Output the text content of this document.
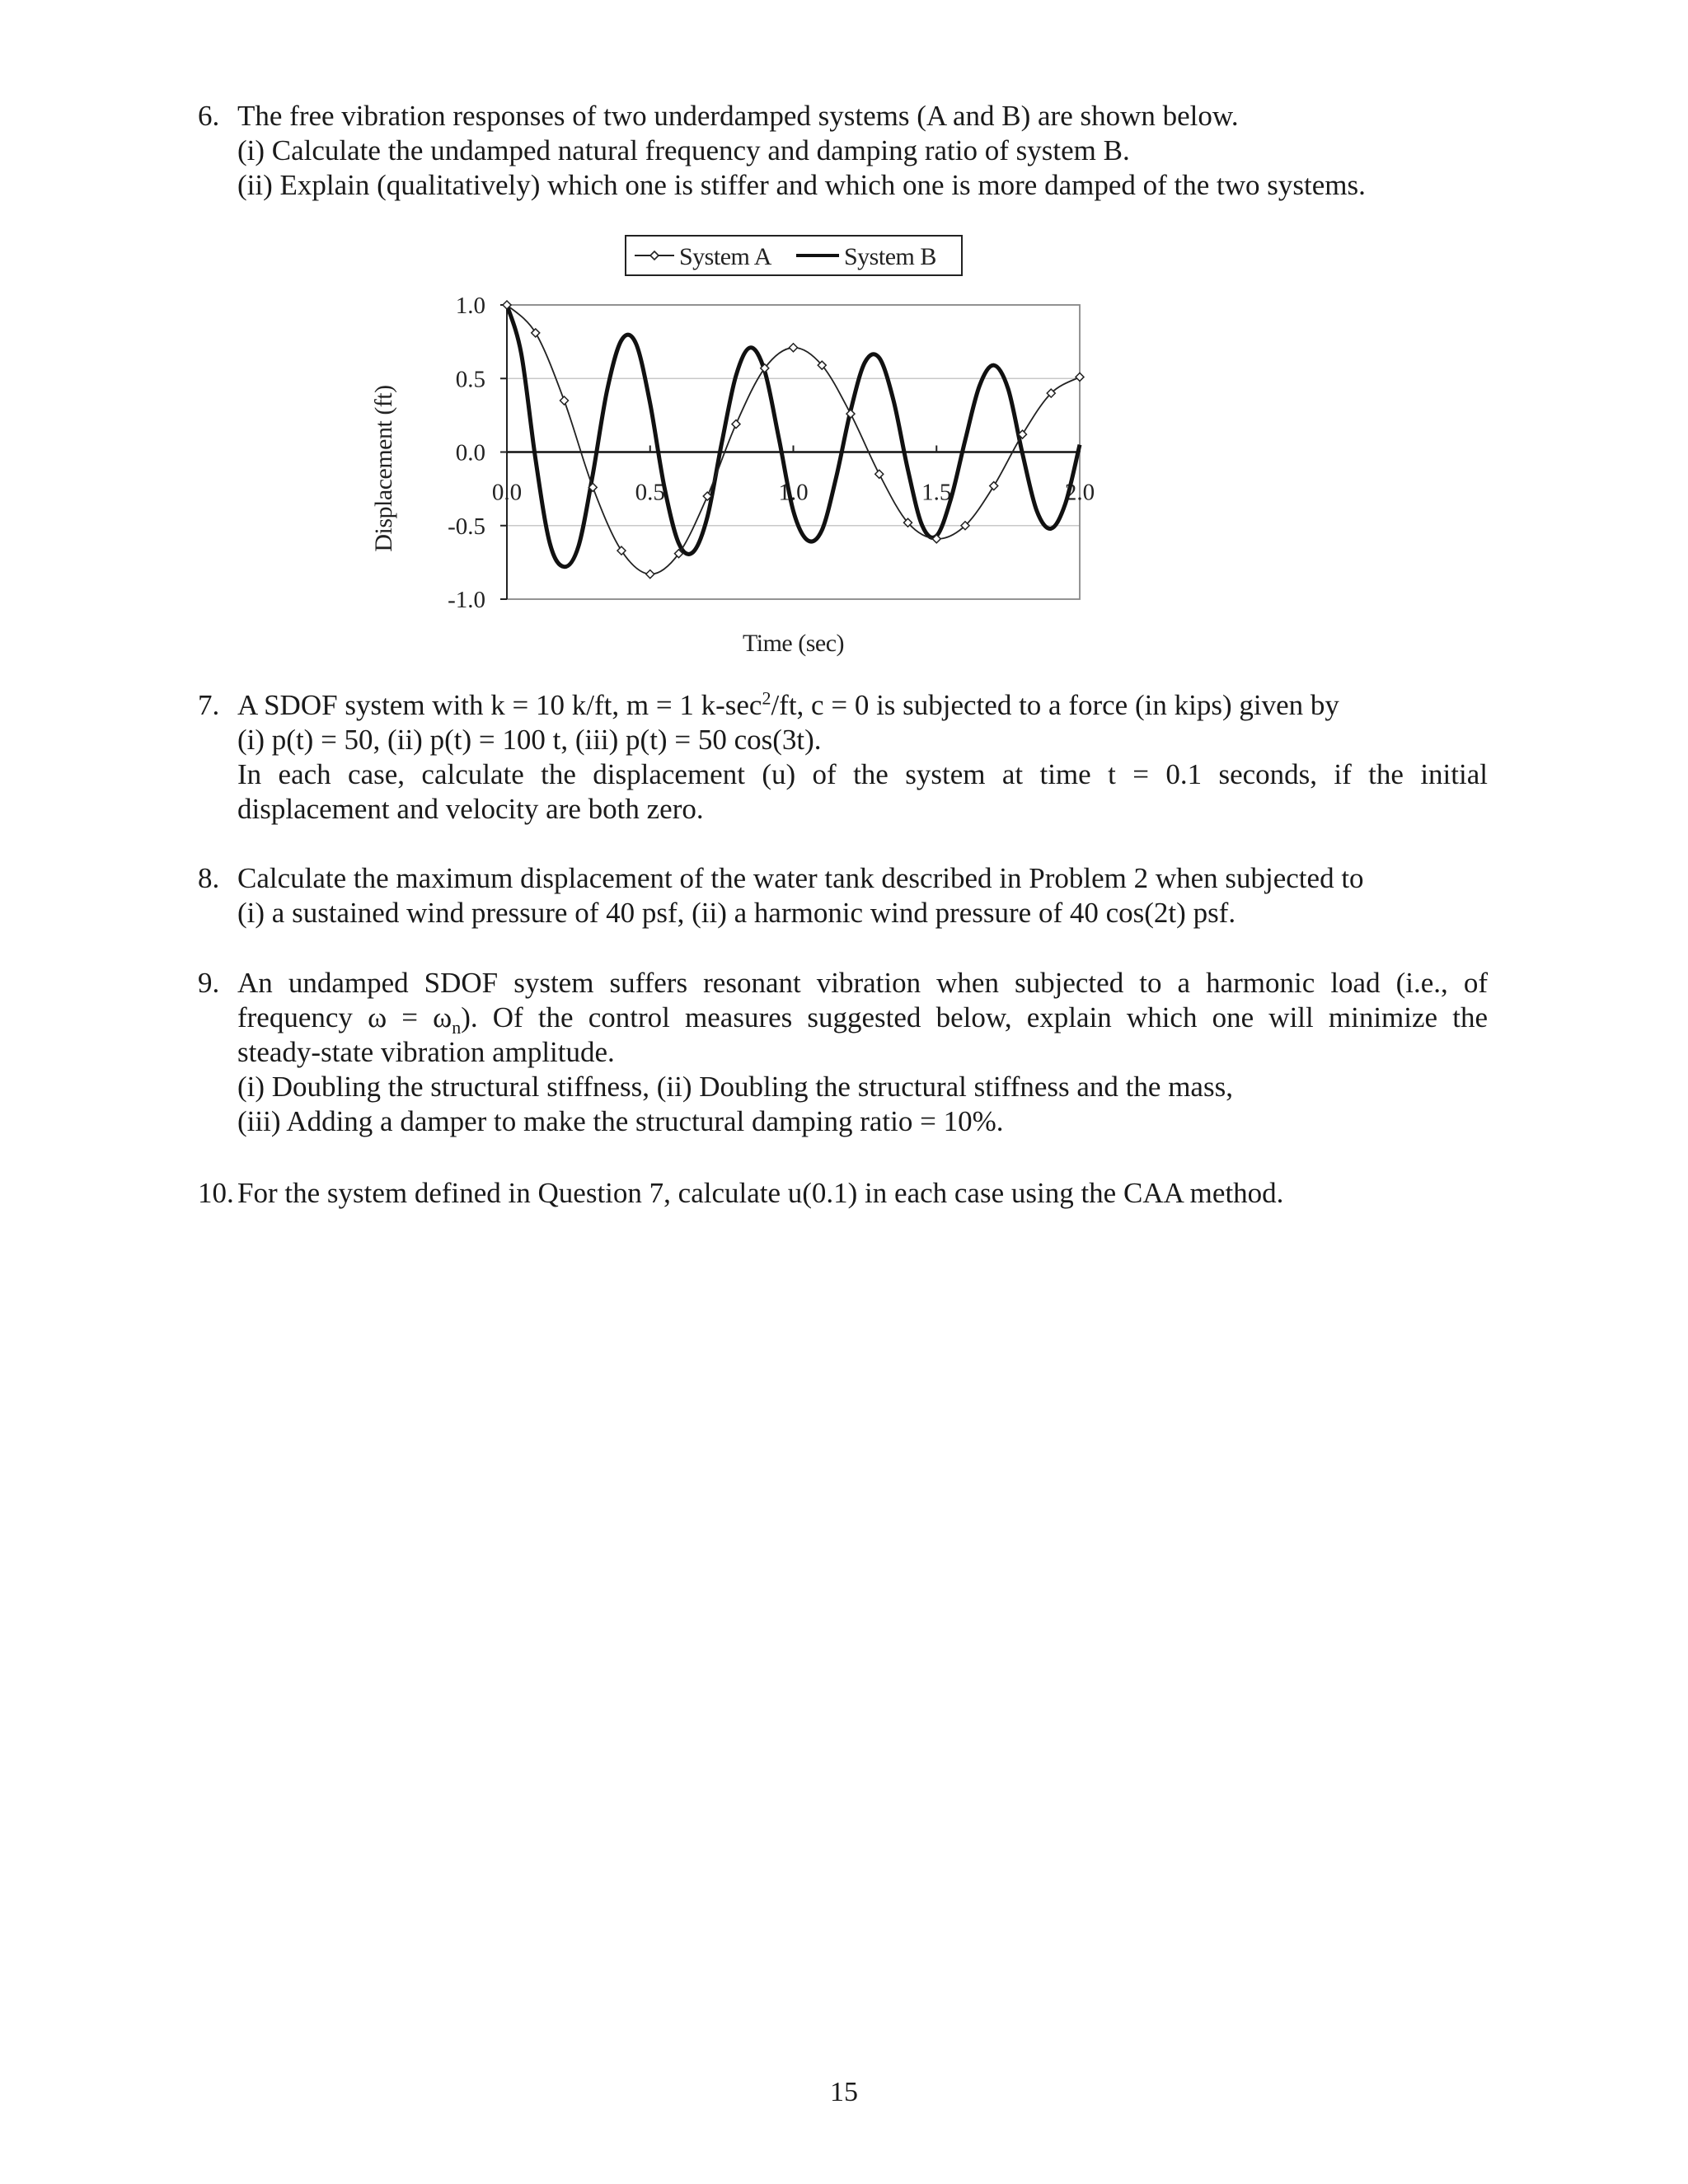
6. The free vibration responses of two underdamped systems (A and B) are shown below.
(i) Calculate the undamped natural frequency and damping ratio of system B.
(ii) Explain (qualitatively) which one is stiffer and which one is more damped of the two systems.
System A	System B
Displacement (ft)
Time (sec)
1.0
0.5
0.0
-0.5
-1.0
0.0	0.5	1.0	1.5	2.0
7. A SDOF system with k = 10 k/ft, m = 1 $k-\sec^2/ft$, c = 0 is subjected to a force (in kips) given by
(i) p(t) = 50, (ii) p(t) = 100 t, (iii) p(t) = 50 cos(3t).
In each case, calculate the displacement (u) of the system at time t = 0.1 seconds, if the initial
displacement and velocity are both zero.
8. Calculate the maximum displacement of the water tank described in Problem 2 when subjected to
(i) a sustained wind pressure of 40 psf, (ii) a harmonic wind pressure of 40 cos(2t) psf.
9. An undamped SDOF system suffers resonant vibration when subjected to a harmonic load (i.e., of
frequency $\omega = \omega_n$). Of the control measures suggested below, explain which one will minimize the
steady-state vibration amplitude.
(i) Doubling the structural stiffness, (ii) Doubling the structural stiffness and the mass,
(iii) Adding a damper to make the structural damping ratio = 10%.
10. For the system defined in Question 7, calculate u(0.1) in each case using the CAA method.
15
